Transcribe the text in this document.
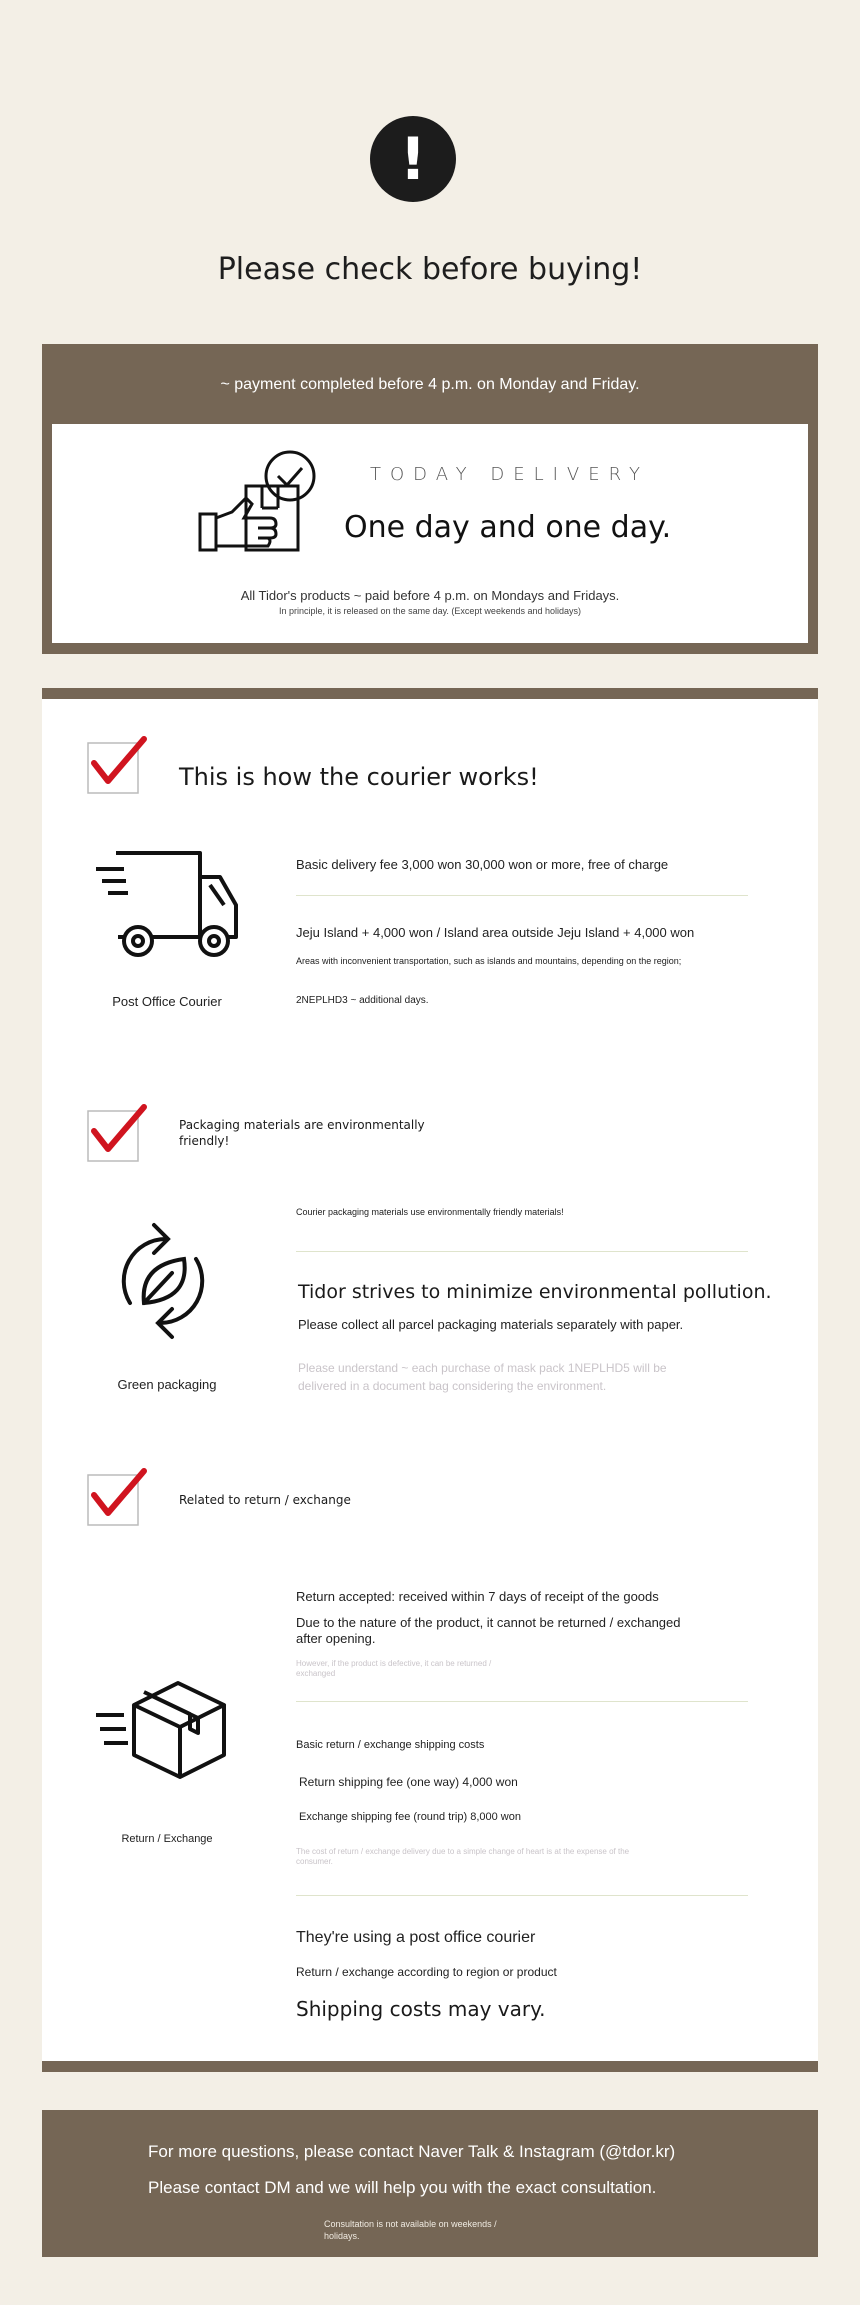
!
Please check before buying!
~ payment completed before 4 p.m. on Monday and Friday.
TODAY DELIVERY
One day and one day.
All Tidor's products ~ paid before 4 p.m. on Mondays and Fridays.
In principle, it is released on the same day. (Except weekends and holidays)
This is how the courier works!
Post Office Courier
Basic delivery fee 3,000 won 30,000 won or more, free of charge
Jeju Island + 4,000 won / Island area outside Jeju Island + 4,000 won
Areas with inconvenient transportation, such as islands and mountains, depending on the region;
2NEPLHD3 ~ additional days.
Packaging materials are environmentally friendly!
Green packaging
Courier packaging materials use environmentally friendly materials!
Tidor strives to minimize environmental pollution.
Please collect all parcel packaging materials separately with paper.
Please understand ~ each purchase of mask pack 1NEPLHD5 will be delivered in a document bag considering the environment.
Related to return / exchange
Return / Exchange
Return accepted: received within 7 days of receipt of the goods
Due to the nature of the product, it cannot be returned / exchanged after opening.
However, if the product is defective, it can be returned / exchanged
Basic return / exchange shipping costs
Return shipping fee (one way) 4,000 won
Exchange shipping fee (round trip) 8,000 won
The cost of return / exchange delivery due to a simple change of heart is at the expense of the consumer.
They're using a post office courier
Return / exchange according to region or product
Shipping costs may vary.
For more questions, please contact Naver Talk & Instagram (@tdor.kr)
Please contact DM and we will help you with the exact consultation.
Consultation is not available on weekends / holidays.
